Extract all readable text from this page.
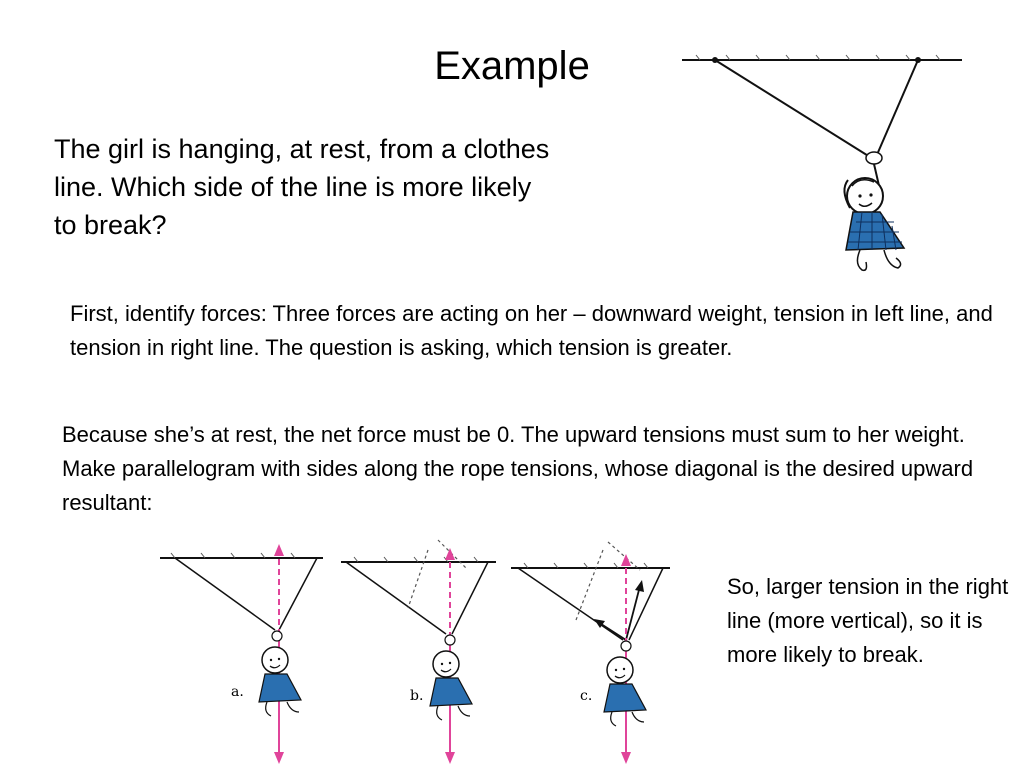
Example
The girl is hanging, at rest, from a clothes line. Which side of the line is more likely to break?
First, identify forces: Three forces are acting on her – downward weight, tension in left line, and tension in right line. The question is asking, which tension is greater.
Because she’s at rest, the net force must be 0. The upward tensions must sum to her weight. Make parallelogram with sides along the rope tensions, whose diagonal is the desired upward resultant:
a.	b.	c.
So, larger tension in the right line (more vertical), so it is more likely to break.
